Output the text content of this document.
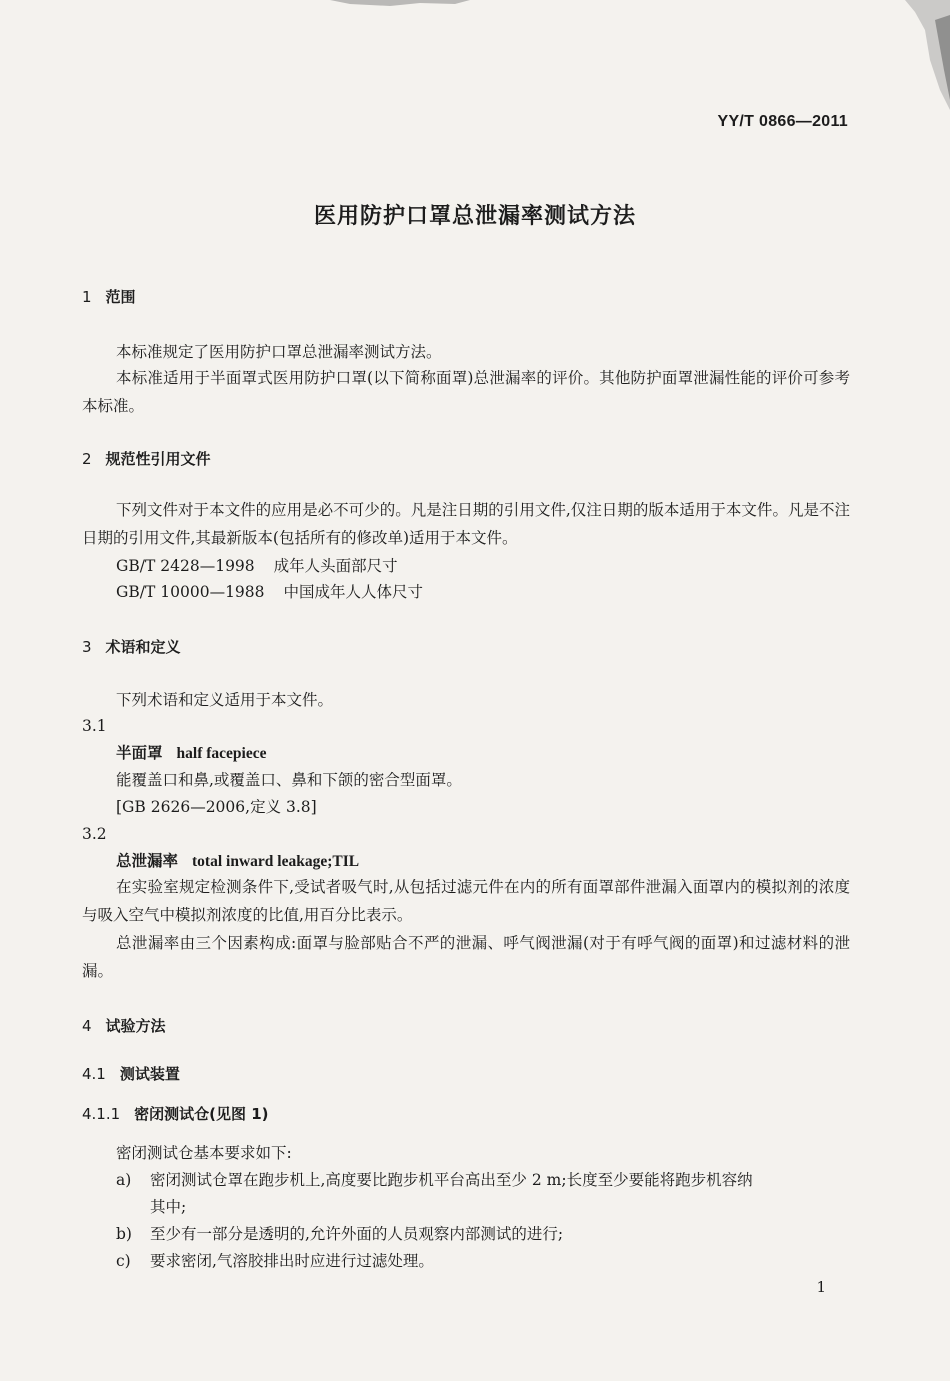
YY/T 0866—2011
医用防护口罩总泄漏率测试方法
1 范围
本标准规定了医用防护口罩总泄漏率测试方法。
本标准适用于半面罩式医用防护口罩(以下简称面罩)总泄漏率的评价。其他防护面罩泄漏性能的评价可参考本标准。
2 规范性引用文件
下列文件对于本文件的应用是必不可少的。凡是注日期的引用文件,仅注日期的版本适用于本文件。凡是不注日期的引用文件,其最新版本(包括所有的修改单)适用于本文件。
GB/T 2428—1998 成年人头面部尺寸
GB/T 10000—1988 中国成年人人体尺寸
3 术语和定义
下列术语和定义适用于本文件。
3.1
半面罩 half facepiece
能覆盖口和鼻,或覆盖口、鼻和下颌的密合型面罩。
[GB 2626—2006,定义 3.8]
3.2
总泄漏率 total inward leakage;TIL
在实验室规定检测条件下,受试者吸气时,从包括过滤元件在内的所有面罩部件泄漏入面罩内的模拟剂的浓度与吸入空气中模拟剂浓度的比值,用百分比表示。
总泄漏率由三个因素构成:面罩与脸部贴合不严的泄漏、呼气阀泄漏(对于有呼气阀的面罩)和过滤材料的泄漏。
4 试验方法
4.1 测试装置
4.1.1 密闭测试仓(见图 1)
密闭测试仓基本要求如下:
a) 密闭测试仓罩在跑步机上,高度要比跑步机平台高出至少 2 m;长度至少要能将跑步机容纳
其中;
b) 至少有一部分是透明的,允许外面的人员观察内部测试的进行;
c) 要求密闭,气溶胶排出时应进行过滤处理。
1
